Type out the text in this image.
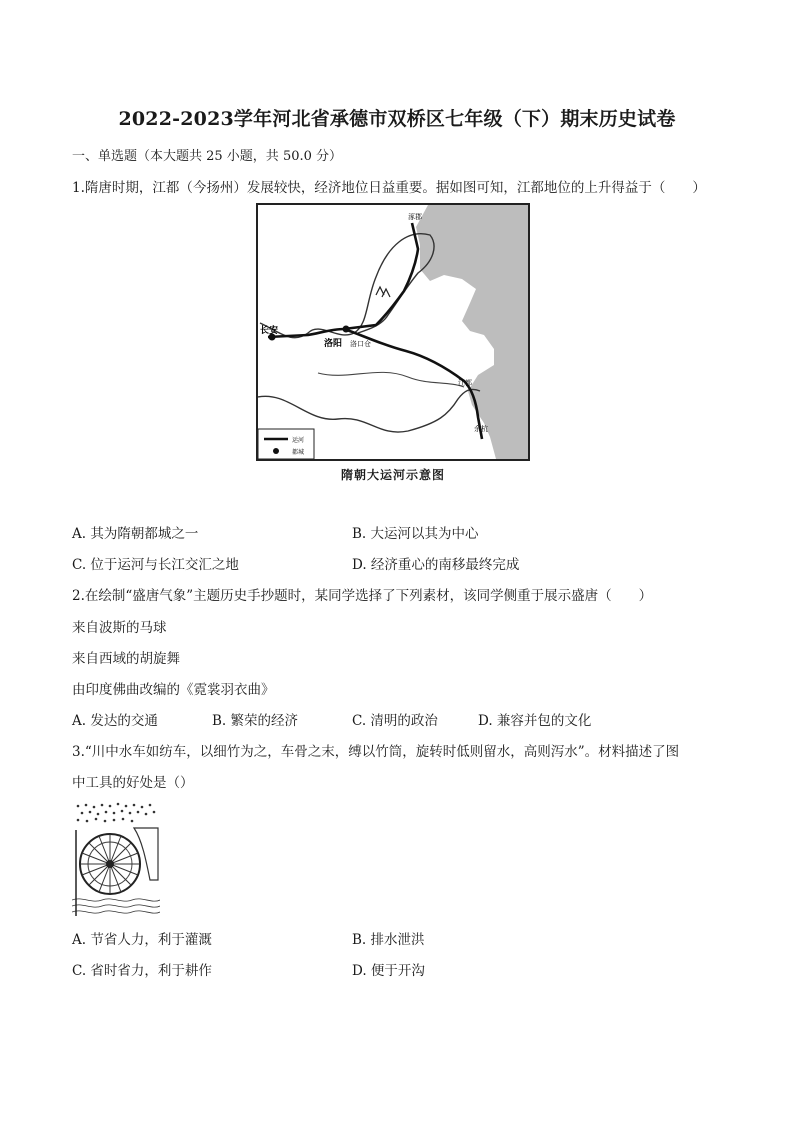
2022-2023学年河北省承德市双桥区七年级（下）期末历史试卷
一、单选题（本大题共 25 小题，共 50.0 分）
1.隋唐时期，江都（今扬州）发展较快，经济地位日益重要。据如图可知，江都地位的上升得益于（　　）
长安
洛阳 洛口仓
涿郡
江都
余杭
运河
都城
隋朝大运河示意图
A. 其为隋朝都城之一	B. 大运河以其为中心
C. 位于运河与长江交汇之地	D. 经济重心的南移最终完成
2.在绘制“盛唐气象”主题历史手抄题时，某同学选择了下列素材，该同学侧重于展示盛唐（　　）
来自波斯的马球
来自西域的胡旋舞
由印度佛曲改编的《霓裳羽衣曲》
A. 发达的交通	B. 繁荣的经济	C. 清明的政治	D. 兼容并包的文化
3.“川中水车如纺车，以细竹为之，车骨之末，缚以竹筒，旋转时低则留水，高则泻水”。材料描述了图
中工具的好处是（）
A. 节省人力，利于灌溉	B. 排水泄洪
C. 省时省力，利于耕作	D. 便于开沟
